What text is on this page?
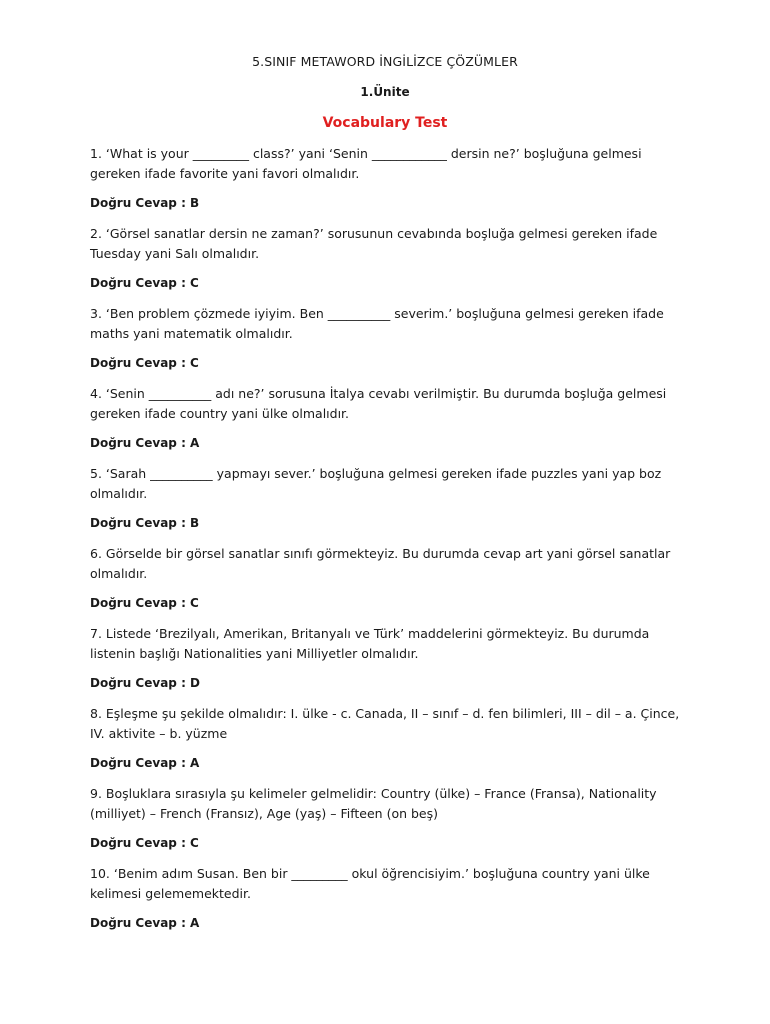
5.SINIF METAWORD İNGİLİZCE ÇÖZÜMLER
1.Ünite
Vocabulary Test
1. ‘What is your _________ class?’ yani ‘Senin ____________ dersin ne?’ boşluğuna gelmesi gereken ifade favorite yani favori olmalıdır.
Doğru Cevap : B
2. ‘Görsel sanatlar dersin ne zaman?’ sorusunun cevabında boşluğa gelmesi gereken ifade Tuesday yani Salı olmalıdır.
Doğru Cevap : C
3. ‘Ben problem çözmede iyiyim. Ben __________ severim.’ boşluğuna gelmesi gereken ifade maths yani matematik olmalıdır.
Doğru Cevap : C
4. ‘Senin __________ adı ne?’ sorusuna İtalya cevabı verilmiştir. Bu durumda boşluğa gelmesi gereken ifade country yani ülke olmalıdır.
Doğru Cevap : A
5. ‘Sarah __________ yapmayı sever.’ boşluğuna gelmesi gereken ifade puzzles yani yap boz olmalıdır.
Doğru Cevap : B
6. Görselde bir görsel sanatlar sınıfı görmekteyiz. Bu durumda cevap art yani görsel sanatlar olmalıdır.
Doğru Cevap : C
7. Listede ‘Brezilyalı, Amerikan, Britanyalı ve Türk’ maddelerini görmekteyiz. Bu durumda listenin başlığı Nationalities yani Milliyetler olmalıdır.
Doğru Cevap : D
8. Eşleşme şu şekilde olmalıdır: I. ülke - c. Canada, II – sınıf – d. fen bilimleri, III – dil – a. Çince, IV. aktivite – b. yüzme
Doğru Cevap : A
9. Boşluklara sırasıyla şu kelimeler gelmelidir: Country (ülke) – France (Fransa), Nationality (milliyet) – French (Fransız), Age (yaş) – Fifteen (on beş)
Doğru Cevap : C
10. ‘Benim adım Susan. Ben bir _________ okul öğrencisiyim.’ boşluğuna country yani ülke kelimesi gelememektedir.
Doğru Cevap : A
